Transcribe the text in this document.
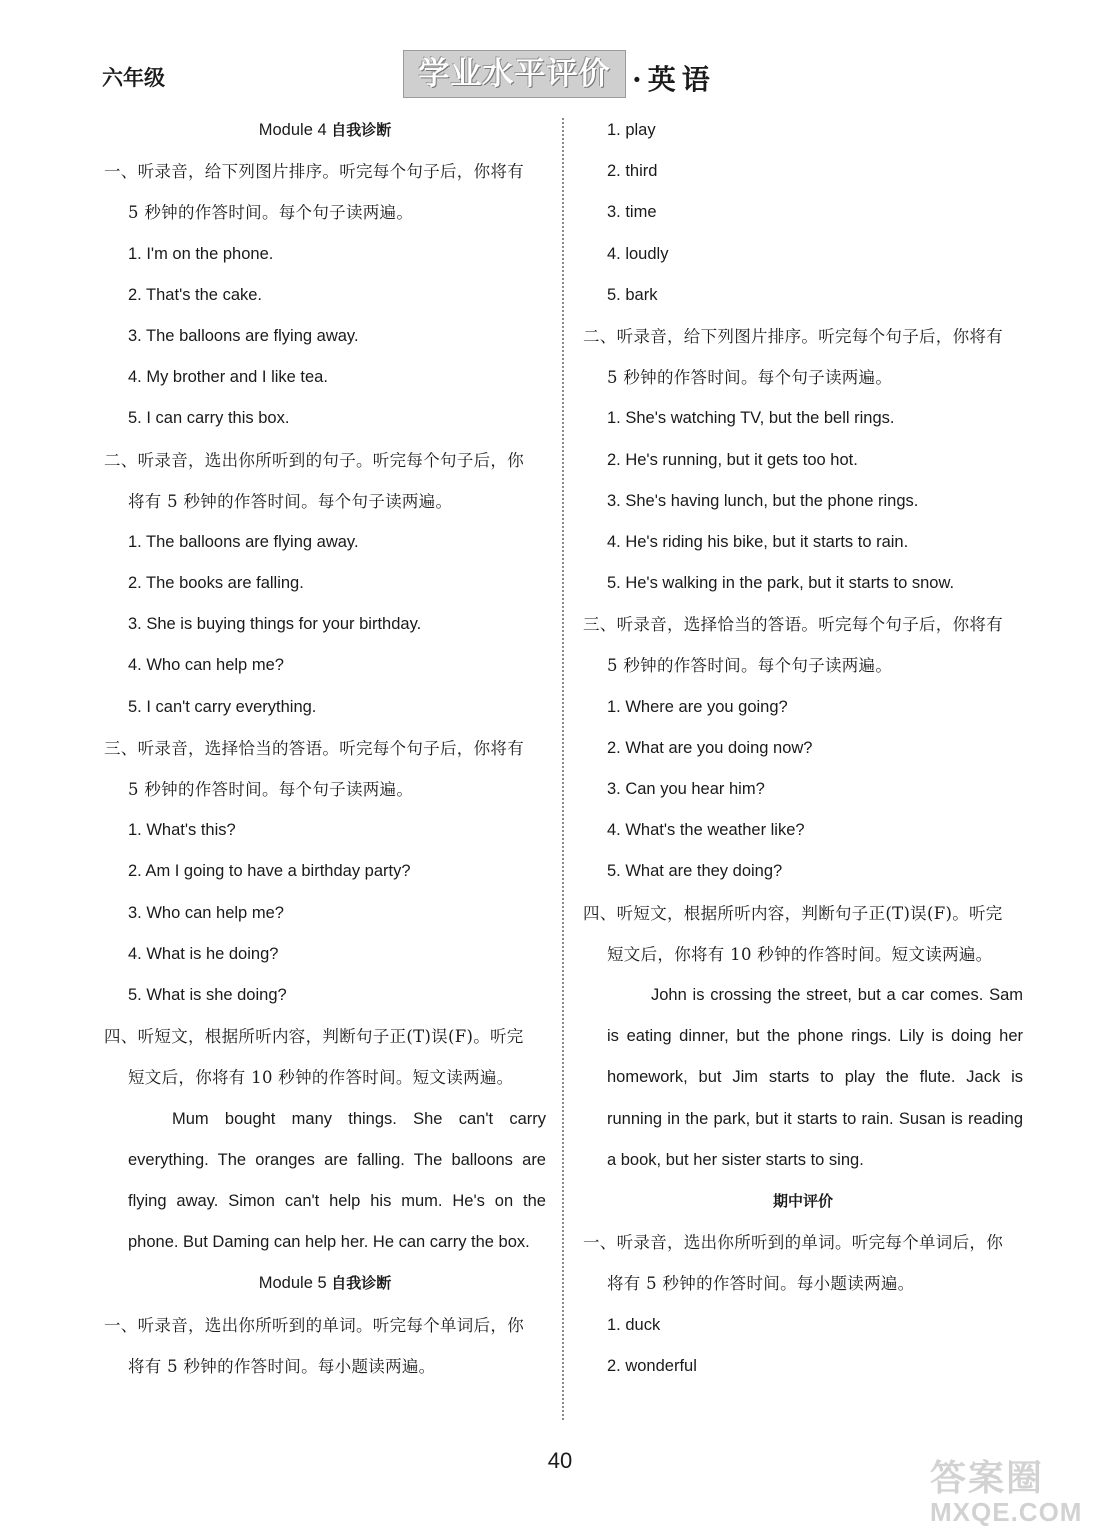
六年级	学业水平评价 ·英语
Module 4 自我诊断
一、听录音，给下列图片排序。听完每个句子后，你将有
5 秒钟的作答时间。每个句子读两遍。
1. I'm on the phone.
2. That's the cake.
3. The balloons are flying away.
4. My brother and I like tea.
5. I can carry this box.
二、听录音，选出你所听到的句子。听完每个句子后，你
将有 5 秒钟的作答时间。每个句子读两遍。
1. The balloons are flying away.
2. The books are falling.
3. She is buying things for your birthday.
4. Who can help me?
5. I can't carry everything.
三、听录音，选择恰当的答语。听完每个句子后，你将有
5 秒钟的作答时间。每个句子读两遍。
1. What's this?
2. Am I going to have a birthday party?
3. Who can help me?
4. What is he doing?
5. What is she doing?
四、听短文，根据所听内容，判断句子正(T)误(F)。听完
短文后，你将有 10 秒钟的作答时间。短文读两遍。
Mum bought many things. She can't carry everything. The oranges are falling. The balloons are flying away. Simon can't help his mum. He's on the phone. But Daming can help her. He can carry the box.
Module 5 自我诊断
一、听录音，选出你所听到的单词。听完每个单词后，你
将有 5 秒钟的作答时间。每小题读两遍。
1. play
2. third
3. time
4. loudly
5. bark
二、听录音，给下列图片排序。听完每个句子后，你将有
5 秒钟的作答时间。每个句子读两遍。
1. She's watching TV, but the bell rings.
2. He's running, but it gets too hot.
3. She's having lunch, but the phone rings.
4. He's riding his bike, but it starts to rain.
5. He's walking in the park, but it starts to snow.
三、听录音，选择恰当的答语。听完每个句子后，你将有
5 秒钟的作答时间。每个句子读两遍。
1. Where are you going?
2. What are you doing now?
3. Can you hear him?
4. What's the weather like?
5. What are they doing?
四、听短文，根据所听内容，判断句子正(T)误(F)。听完
短文后，你将有 10 秒钟的作答时间。短文读两遍。
John is crossing the street, but a car comes. Sam is eating dinner, but the phone rings. Lily is doing her homework, but Jim starts to play the flute. Jack is running in the park, but it starts to rain. Susan is reading a book, but her sister starts to sing.
期中评价
一、听录音，选出你所听到的单词。听完每个单词后，你
将有 5 秒钟的作答时间。每小题读两遍。
1. duck
2. wonderful
40	答案圈
MXQE.COM
